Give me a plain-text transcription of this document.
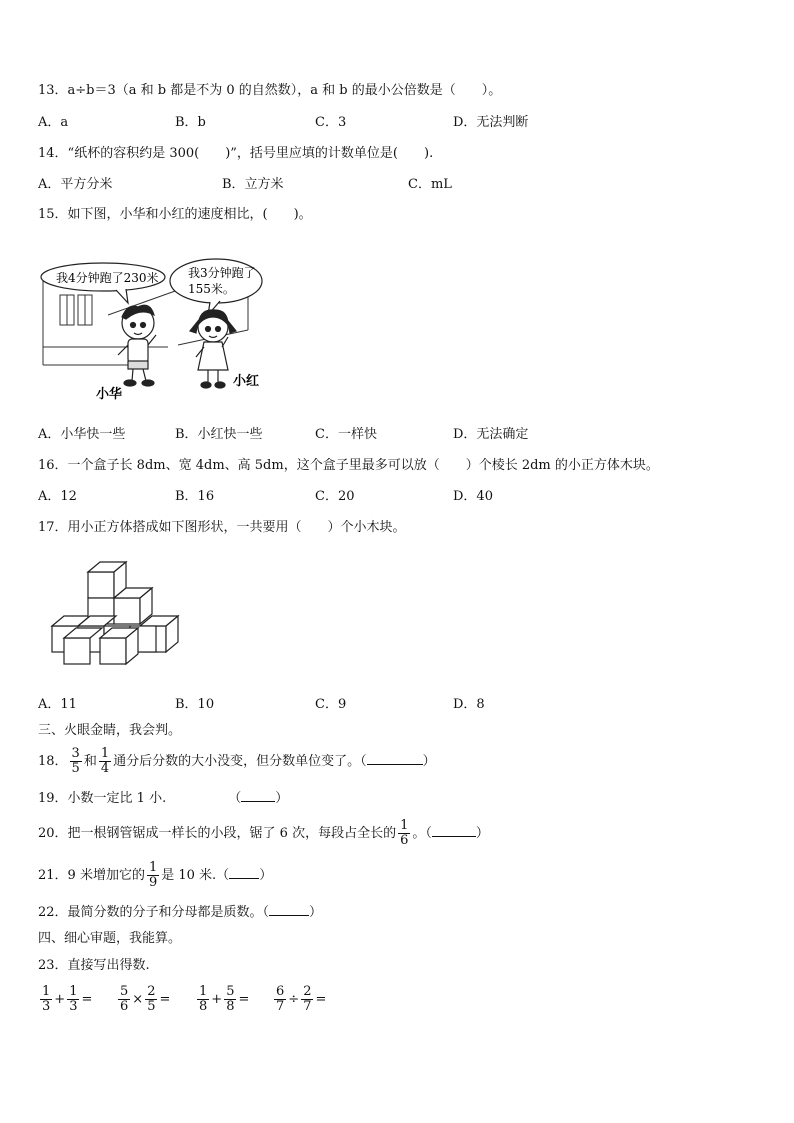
13．a÷b＝3（a 和 b 都是不为 0 的自然数），a 和 b 的最小公倍数是（　　）。
A．a	B．b	C．3	D．无法判断
14．“纸杯的容积约是 300(　　)”，括号里应填的计数单位是(　　).
A．平方分米	B．立方米	C．mL
15．如下图，小华和小红的速度相比，(　　)。
我4分钟跑了230米 我3分钟跑了
155米。
小华
小红
A．小华快一些	B．小红快一些	C．一样快	D．无法确定
16．一个盒子长 8dm、宽 4dm、高 5dm，这个盒子里最多可以放（　　）个棱长 2dm 的小正方体木块。
A．12	B．16	C．20	D．40
17．用小正方体搭成如下图形状，一共要用（　　）个小木块。
A．11	B．10	C．9	D．8
三、火眼金睛，我会判。
18． $\frac{3}{5}$ 和 $\frac{1}{4}$ 通分后分数的大小没变，但分数单位变了。（	）
19．小数一定比 1 小.	（	）
20．把一根钢管锯成一样长的小段，锯了 6 次，每段占全长的 $\frac{1}{6}$ 。（	）
21．9 米增加它的 $\frac{1}{9}$ 是 10 米.（ ）
22．最简分数的分子和分母都是质数。（	）
四、细心审题，我能算。
23．直接写出得数.
$\frac{1}{3} + \frac{1}{3} = \frac{5}{6} \times \frac{2}{5} = \frac{1}{8} + \frac{5}{8} = \frac{6}{7} \div \frac{2}{7}$ =
